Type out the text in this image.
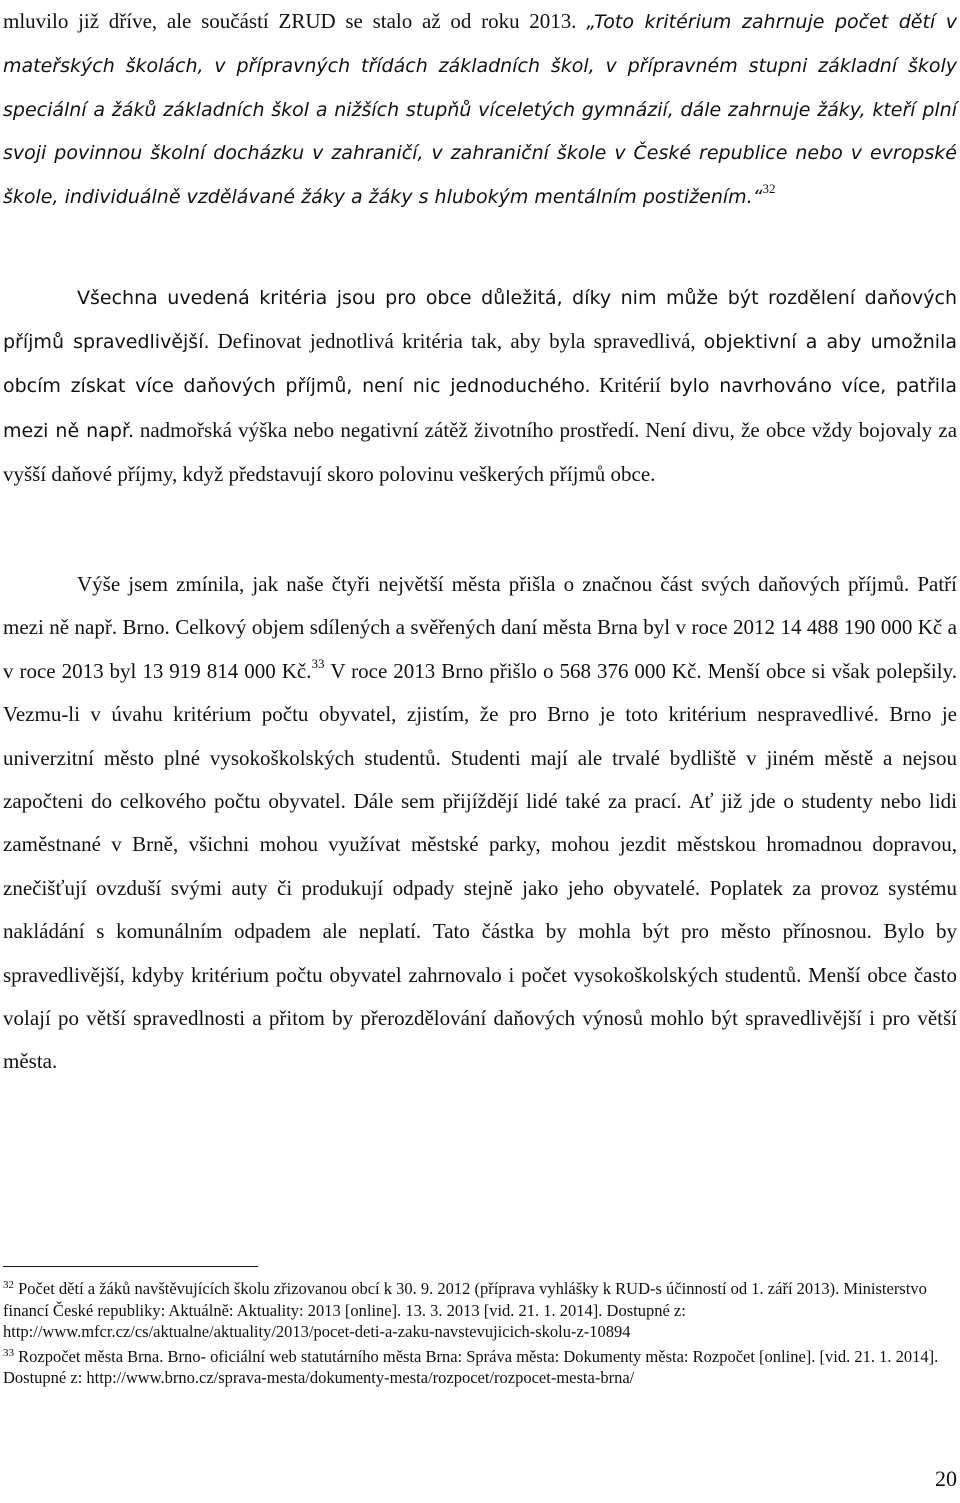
mluvilo již dříve, ale součástí ZRUD se stalo až od roku 2013. „Toto kritérium zahrnuje počet dětí v mateřských školách, v přípravných třídách základních škol, v přípravném stupni základní školy speciální a žáků základních škol a nižších stupňů víceletých gymnázií, dále zahrnuje žáky, kteří plní svoji povinnou školní docházku v zahraničí, v zahraniční škole v České republice nebo v evropské škole, individuálně vzdělávané žáky a žáky s hlubokým mentálním postižením.“$^{32}$

Všechna uvedená kritéria jsou pro obce důležitá, díky nim může být rozdělení daňových příjmů spravedlivější. Definovat jednotlivá kritéria tak, aby byla spravedlivá, objektivní a aby umožnila obcím získat více daňových příjmů, není nic jednoduchého. Kritérií bylo navrhováno více, patřila mezi ně např. nadmořská výška nebo negativní zátěž životního prostředí. Není divu, že obce vždy bojovaly za vyšší daňové příjmy, když představují skoro polovinu veškerých příjmů obce.

Výše jsem zmínila, jak naše čtyři největší města přišla o značnou část svých daňových příjmů. Patří mezi ně např. Brno. Celkový objem sdílených a svěřených daní města Brna byl v roce 2012 14 488 190 000 Kč a v roce 2013 byl 13 919 814 000 Kč.$^{33}$ V roce 2013 Brno přišlo o 568 376 000 Kč. Menší obce si však polepšily. Vezmu-li v úvahu kritérium počtu obyvatel, zjistím, že pro Brno je toto kritérium nespravedlivé. Brno je univerzitní město plné vysokoškolských studentů. Studenti mají ale trvalé bydliště v jiném městě a nejsou započteni do celkového počtu obyvatel. Dále sem přijíždějí lidé také za prací. Ať již jde o studenty nebo lidi zaměstnané v Brně, všichni mohou využívat městské parky, mohou jezdit městskou hromadnou dopravou, znečišťují ovzduší svými auty či produkují odpady stejně jako jeho obyvatelé. Poplatek za provoz systému nakládání s komunálním odpadem ale neplatí. Tato částka by mohla být pro město přínosnou. Bylo by spravedlivější, kdyby kritérium počtu obyvatel zahrnovalo i počet vysokoškolských studentů. Menší obce často volají po větší spravedlnosti a přitom by přerozdělování daňových výnosů mohlo být spravedlivější i pro větší města.

$^{32}$ Počet dětí a žáků navštěvujících školu zřizovanou obcí k 30. 9. 2012 (příprava vyhlášky k RUD-s účinností od 1. září 2013). Ministerstvo financí České republiky: Aktuálně: Aktuality: 2013 [online]. 13. 3. 2013 [vid. 21. 1. 2014]. Dostupné z: http://www.mfcr.cz/cs/aktualne/aktuality/2013/pocet-deti-a-zaku-navstevujicich-skolu-z-10894

$^{33}$ Rozpočet města Brna. Brno- oficiální web statutárního města Brna: Správa města: Dokumenty města: Rozpočet [online]. [vid. 21. 1. 2014]. Dostupné z: http://www.brno.cz/sprava-mesta/dokumenty-mesta/rozpocet/rozpocet-mesta-brna/

20
